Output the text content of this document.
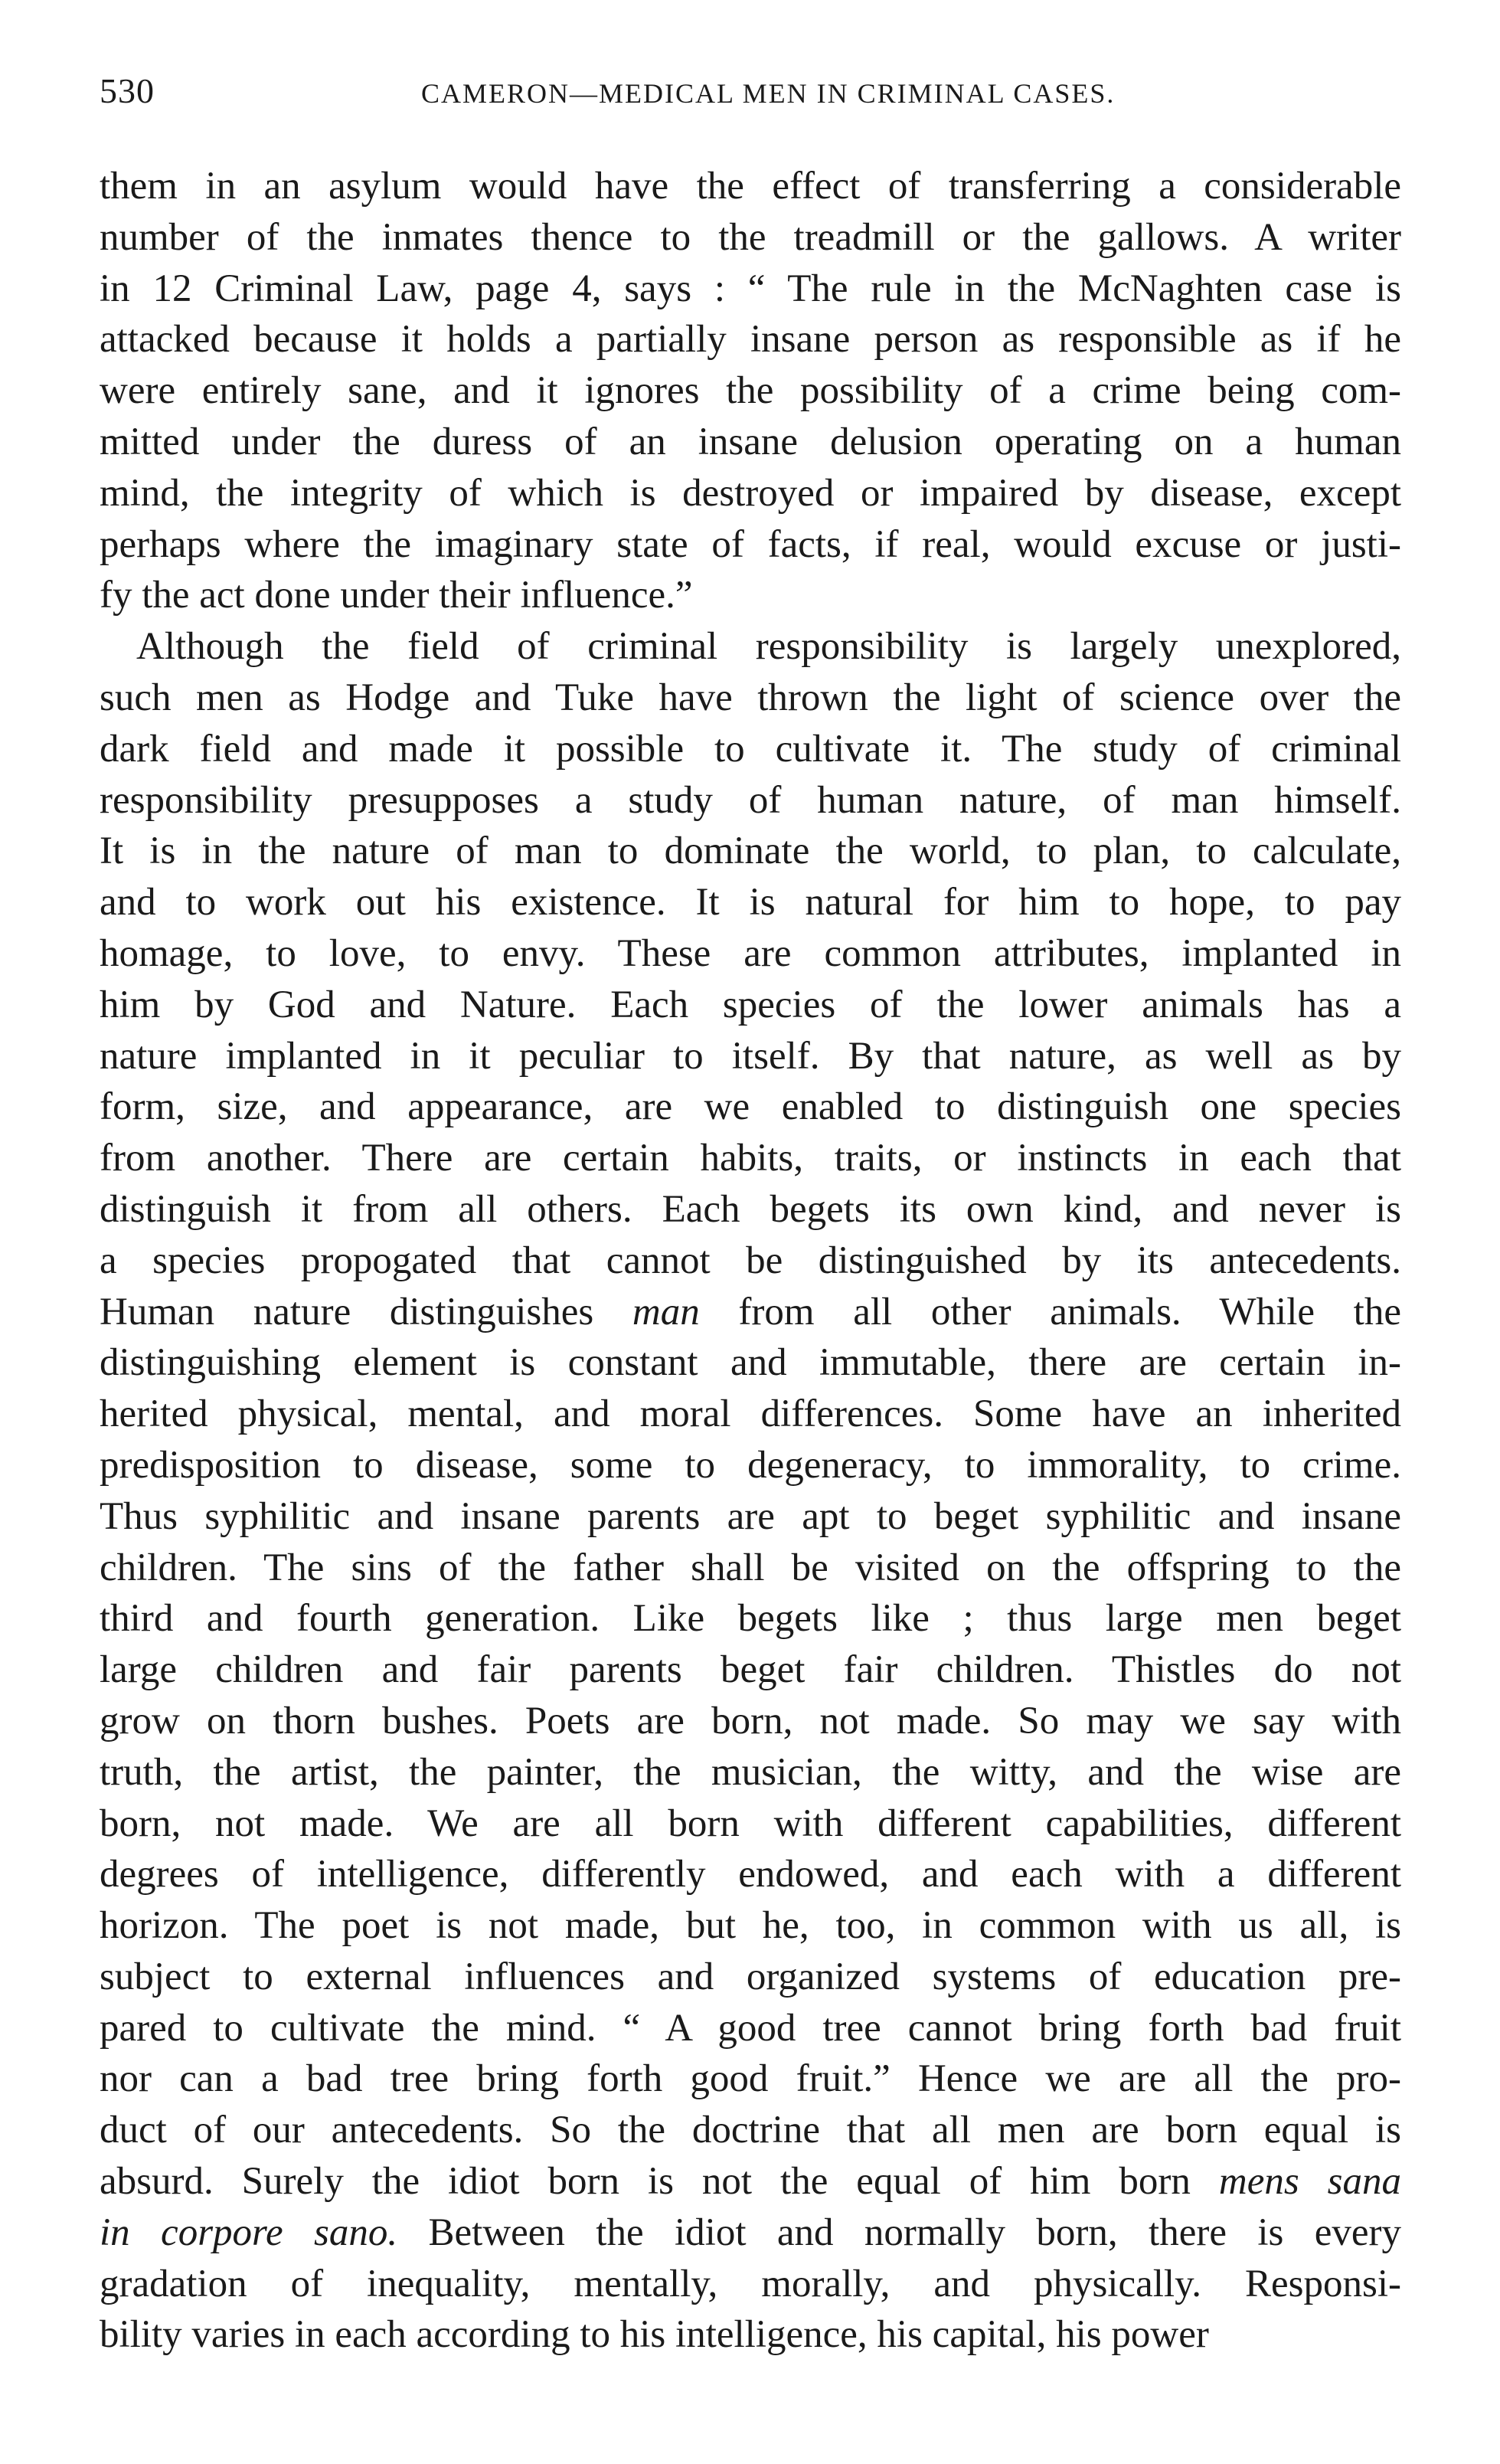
530	CAMERON—MEDICAL MEN IN CRIMINAL CASES.
them in an asylum would have the effect of transferring a considerable
number of the inmates thence to the treadmill or the gallows. A writer
in 12 Criminal Law, page 4, says : “ The rule in the McNaghten case is
attacked because it holds a partially insane person as responsible as if he
were entirely sane, and it ignores the possibility of a crime being com-
mitted under the duress of an insane delusion operating on a human
mind, the integrity of which is destroyed or impaired by disease, except
perhaps where the imaginary state of facts, if real, would excuse or justi-
fy the act done under their influence.”
Although the field of criminal responsibility is largely unexplored,
such men as Hodge and Tuke have thrown the light of science over the
dark field and made it possible to cultivate it. The study of criminal
responsibility presupposes a study of human nature, of man himself.
It is in the nature of man to dominate the world, to plan, to calculate,
and to work out his existence. It is natural for him to hope, to pay
homage, to love, to envy. These are common attributes, implanted in
him by God and Nature. Each species of the lower animals has a
nature implanted in it peculiar to itself. By that nature, as well as by
form, size, and appearance, are we enabled to distinguish one species
from another. There are certain habits, traits, or instincts in each that
distinguish it from all others. Each begets its own kind, and never is
a species propogated that cannot be distinguished by its antecedents.
Human nature distinguishes man from all other animals. While the
distinguishing element is constant and immutable, there are certain in-
herited physical, mental, and moral differences. Some have an inherited
predisposition to disease, some to degeneracy, to immorality, to crime.
Thus syphilitic and insane parents are apt to beget syphilitic and insane
children. The sins of the father shall be visited on the offspring to the
third and fourth generation. Like begets like ; thus large men beget
large children and fair parents beget fair children. Thistles do not
grow on thorn bushes. Poets are born, not made. So may we say with
truth, the artist, the painter, the musician, the witty, and the wise are
born, not made. We are all born with different capabilities, different
degrees of intelligence, differently endowed, and each with a different
horizon. The poet is not made, but he, too, in common with us all, is
subject to external influences and organized systems of education pre-
pared to cultivate the mind. “ A good tree cannot bring forth bad fruit
nor can a bad tree bring forth good fruit.” Hence we are all the pro-
duct of our antecedents. So the doctrine that all men are born equal is
absurd. Surely the idiot born is not the equal of him born mens sana
in corpore sano. Between the idiot and normally born, there is every
gradation of inequality, mentally, morally, and physically. Responsi-
bility varies in each according to his intelligence, his capital, his power
